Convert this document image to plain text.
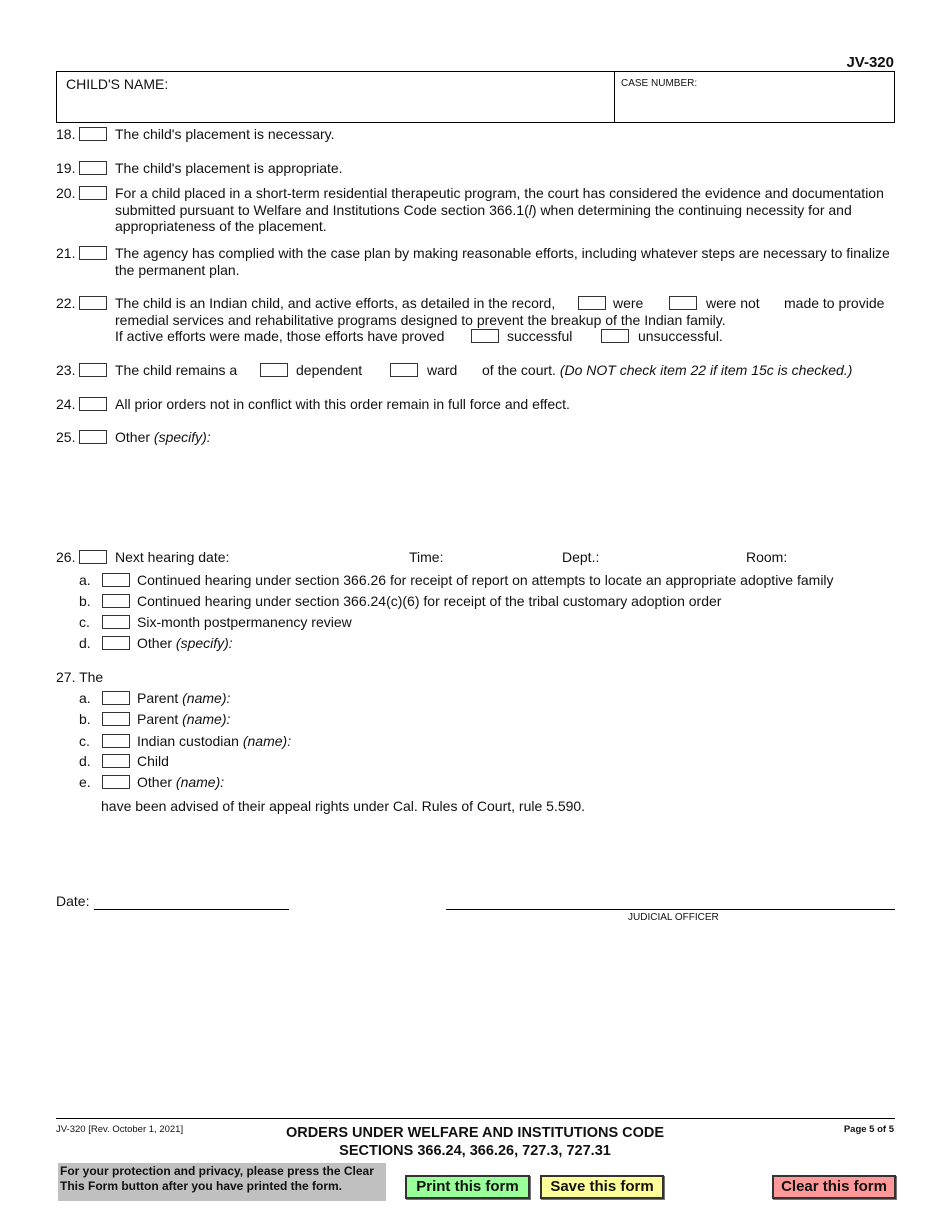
JV-320
CHILD'S NAME:	CASE NUMBER:
18.	The child's placement is necessary.
19.	The child's placement is appropriate.
20.	For a child placed in a short-term residential therapeutic program, the court has considered the evidence and documentation
submitted pursuant to Welfare and Institutions Code section 366.1(l) when determining the continuing necessity for and
appropriateness of the placement.
21.	The agency has complied with the case plan by making reasonable efforts, including whatever steps are necessary to finalize
the permanent plan.
22.	The child is an Indian child, and active efforts, as detailed in the record,	were	were not made to provide
remedial services and rehabilitative programs designed to prevent the breakup of the Indian family.
If active efforts were made, those efforts have proved	successful	unsuccessful.
23.	The child remains a	dependent	ward of the court. (Do NOT check item 22 if item 15c is checked.)
24.	All prior orders not in conflict with this order remain in full force and effect.
25.	Other (specify):
26.	Next hearing date:	Time:	Dept.:	Room:
a.	Continued hearing under section 366.26 for receipt of report on attempts to locate an appropriate adoptive family
b.	Continued hearing under section 366.24(c)(6) for receipt of the tribal customary adoption order
c.	Six-month postpermanency review
d.	Other (specify):
27. The
a.	Parent (name):
b.	Parent (name):
c.	Indian custodian (name):
d.	Child
e.	Other (name):
have been advised of their appeal rights under Cal. Rules of Court, rule 5.590.
Date:
JUDICIAL OFFICER
JV-320 [Rev. October 1, 2021]	ORDERS UNDER WELFARE AND INSTITUTIONS CODE
SECTIONS 366.24, 366.26, 727.3, 727.31
Page 5 of 5
For your protection and privacy, please press the Clear This Form button after you have printed the form.	Print this form	Save this form	Clear this form
